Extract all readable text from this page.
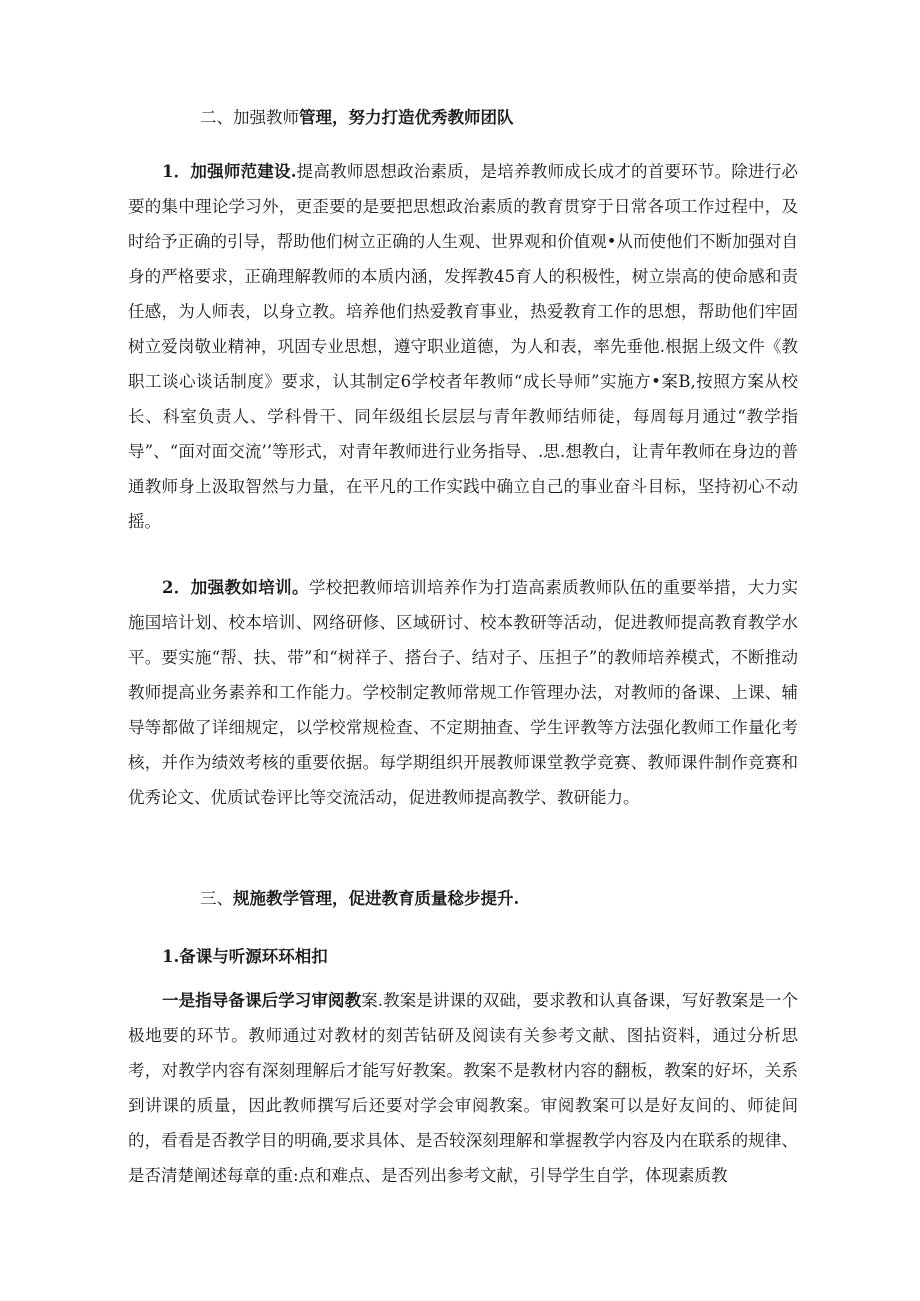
二、加强教师管理，努力打造优秀教师团队
1．加强师范建设.提高教师恩想政治素质，是培养教师成长成才的首要环节。除进行必要的集中理论学习外，更歪要的是要把思想政治素质的教育贯穿于日常各项工作过程中，及时给予正确的引导，帮助他们树立正确的人生观、世界观和价值观•从而使他们不断加强对自身的严格要求，正确理解教师的本质内涵，发挥教45育人的积极性，树立崇高的使命感和责任感，为人师表，以身立教。培养他们热爱教育事业，热爱教育工作的思想，帮助他们牢固树立爱岗敬业精神，巩固专业思想，遵守职业道德，为人和表，率先垂他.根据上级文件《教职工谈心谈话制度》要求，认其制定6学校者年教师“成长导师”实施方•案B,按照方案从校长、科室负责人、学科骨干、同年级组长层层与青年教师结师徒，每周每月通过“教学指导”、“面对面交流’’等形式，对青年教师进行业务指导、.思.想教白，让青年教师在身边的普通教师身上汲取智然与力量，在平凡的工作实践中确立自己的事业奋斗目标，坚持初心不动摇。
2．加强教如培训。学校把教师培训培养作为打造高素质教师队伍的重要举措，大力实施国培计划、校本培训、网络研修、区域研讨、校本教研等活动，促进教师提高教育教学水平。要实施“帮、扶、带”和“树祥子、搭台子、结对子、压担子”的教师培养模式，不断推动教师提高业务素养和工作能力。学校制定教师常规工作管理办法，对教师的备课、上课、辅导等都做了详细规定，以学校常规检查、不定期抽查、学生评教等方法强化教师工作量化考核，并作为绩效考核的重要依据。每学期组织开展教师课堂教学竞赛、教师课件制作竞赛和优秀论文、优质试卷评比等交流活动，促进教师提高教学、教研能力。
三、规施教学管理，促进教育质量稔步提升.
1.备课与听源环环相扣
一是指导备课后学习审阅教案.教案是讲课的双础，要求教和认真备课，写好教案是一个极地要的环节。教师通过对教材的刻苦钻研及阅读有关参考文献、图拈资料，通过分析思考，对教学内容有深刻理解后才能写好教案。教案不是教材内容的翻板，教案的好坏，关系到讲课的质量，因此教师撰写后还要对学会审阅教案。审阅教案可以是好友间的、师徒间的，看看是否教学目的明确,要求具体、是否较深刻理解和掌握教学内容及内在联系的规律、是否清楚阐述每章的重:点和难点、是否列出参考文献，引导学生自学，体现素质教
